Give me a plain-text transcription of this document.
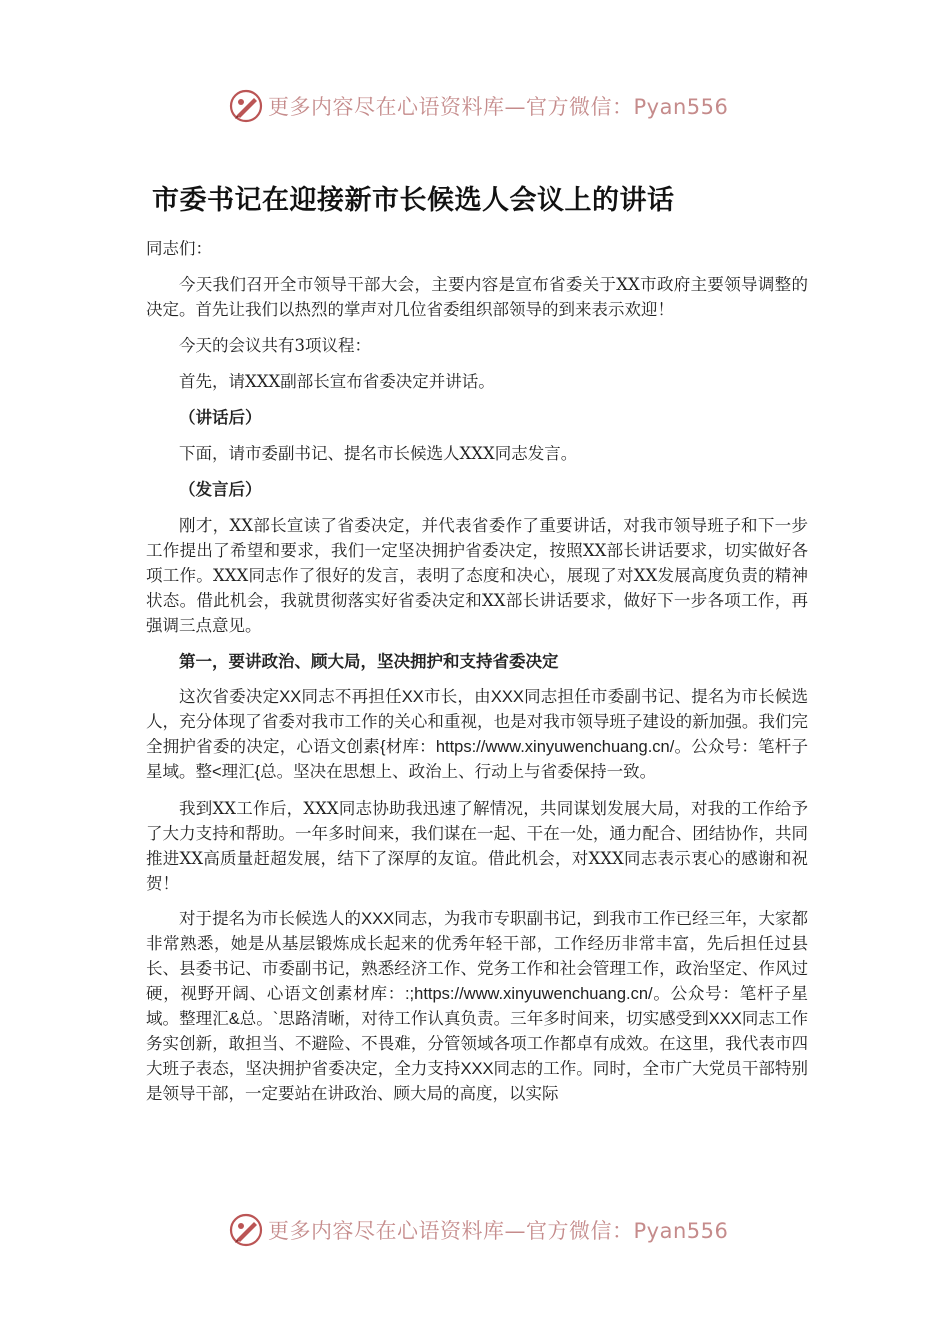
更多内容尽在心语资料库—官方微信：Pyan556
市委书记在迎接新市长候选人会议上的讲话

同志们：

今天我们召开全市领导干部大会，主要内容是宣布省委关于XX市政府主要领导调整的决定。首先让我们以热烈的掌声对几位省委组织部领导的到来表示欢迎！

今天的会议共有3项议程：

首先，请XXX副部长宣布省委决定并讲话。

（讲话后）

下面，请市委副书记、提名市长候选人XXX同志发言。

（发言后）

刚才，XX部长宣读了省委决定，并代表省委作了重要讲话，对我市领导班子和下一步工作提出了希望和要求，我们一定坚决拥护省委决定，按照XX部长讲话要求，切实做好各项工作。XXX同志作了很好的发言，表明了态度和决心，展现了对XX发展高度负责的精神状态。借此机会，我就贯彻落实好省委决定和XX部长讲话要求，做好下一步各项工作，再强调三点意见。

第一，要讲政治、顾大局，坚决拥护和支持省委决定

这次省委决定XX同志不再担任XX市长，由XXX同志担任市委副书记、提名为市长候选人，充分体现了省委对我市工作的关心和重视，也是对我市领导班子建设的新加强。我们完全拥护省委的决定，心语文创素{材库：https://www.xinyuwenchuang.cn/。公众号：笔杆子星域。整<理汇{总。坚决在思想上、政治上、行动上与省委保持一致。

我到XX工作后，XXX同志协助我迅速了解情况，共同谋划发展大局，对我的工作给予了大力支持和帮助。一年多时间来，我们谋在一起、干在一处，通力配合、团结协作，共同推进XX高质量赶超发展，结下了深厚的友谊。借此机会，对XXX同志表示衷心的感谢和祝贺！

对于提名为市长候选人的XXX同志，为我市专职副书记，到我市工作已经三年，大家都非常熟悉，她是从基层锻炼成长起来的优秀年轻干部，工作经历非常丰富，先后担任过县长、县委书记、市委副书记，熟悉经济工作、党务工作和社会管理工作，政治坚定、作风过硬，视野开阔、心语文创素材库：:;https://www.xinyuwenchuang.cn/。公众号：笔杆子星域。整理汇&总。`思路清晰，对待工作认真负责。三年多时间来，切实感受到XXX同志工作务实创新，敢担当、不避险、不畏难，分管领域各项工作都卓有成效。在这里，我代表市四大班子表态，坚决拥护省委决定，全力支持XXX同志的工作。同时，全市广大党员干部特别是领导干部，一定要站在讲政治、顾大局的高度，以实际

更多内容尽在心语资料库—官方微信：Pyan556
